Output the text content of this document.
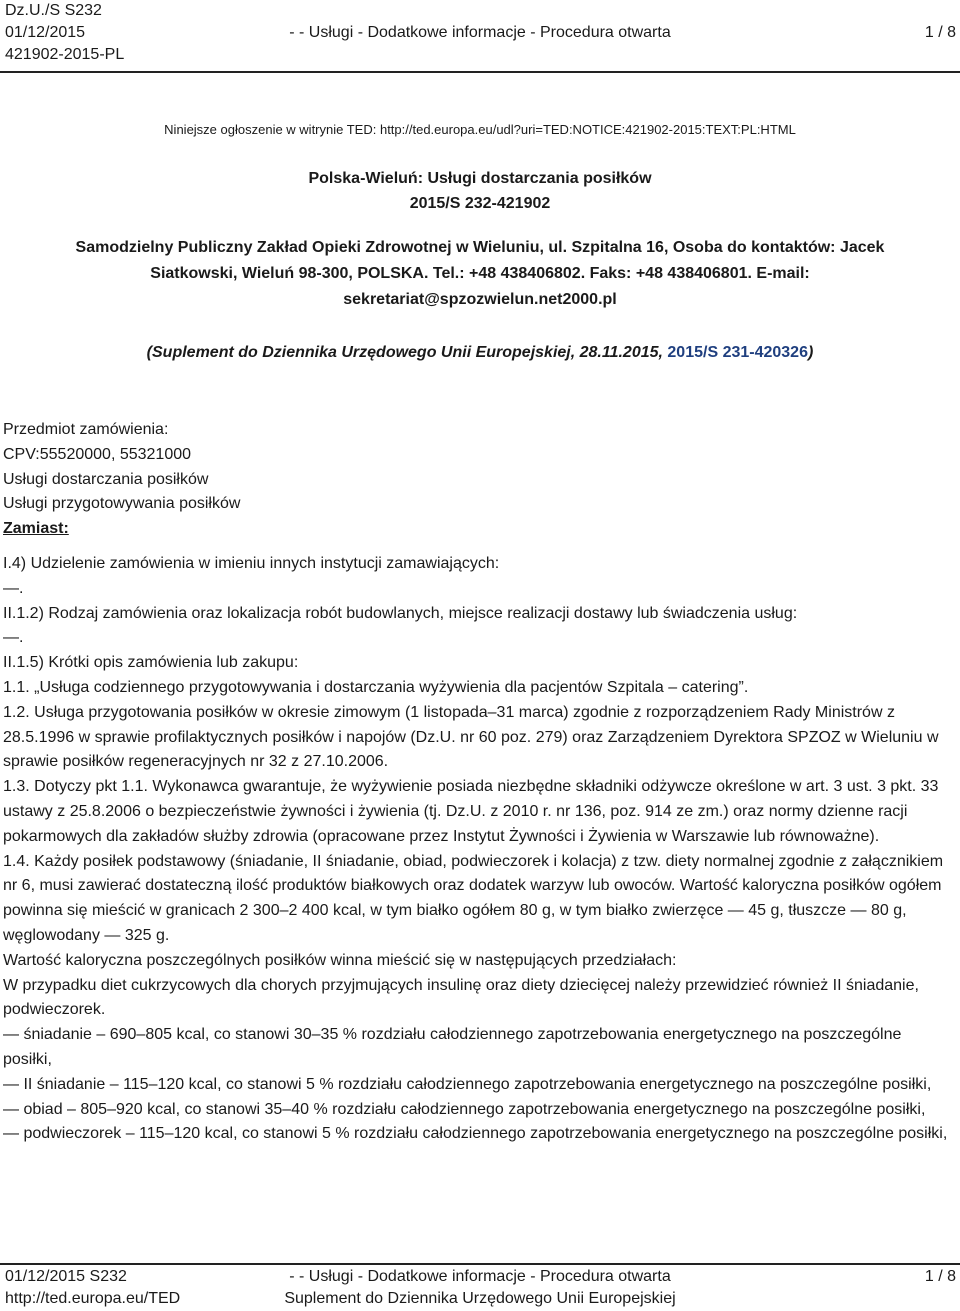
Dz.U./S S232
01/12/2015
421902-2015-PL
- - Usługi - Dodatkowe informacje - Procedura otwarta	1 / 8
Niniejsze ogłoszenie w witrynie TED: http://ted.europa.eu/udl?uri=TED:NOTICE:421902-2015:TEXT:PL:HTML
Polska-Wieluń: Usługi dostarczania posiłków
2015/S 232-421902
Samodzielny Publiczny Zakład Opieki Zdrowotnej w Wieluniu, ul. Szpitalna 16, Osoba do kontaktów: Jacek Siatkowski, Wieluń 98-300, POLSKA. Tel.: +48 438406802. Faks: +48 438406801. E-mail: sekretariat@spzozwielun.net2000.pl
(Suplement do Dziennika Urzędowego Unii Europejskiej, 28.11.2015, 2015/S 231-420326)

Przedmiot zamówienia:

CPV:55520000, 55321000

Usługi dostarczania posiłków

Usługi przygotowywania posiłków

Zamiast:

I.4) Udzielenie zamówienia w imieniu innych instytucji zamawiających:

—.

II.1.2) Rodzaj zamówienia oraz lokalizacja robót budowlanych, miejsce realizacji dostawy lub świadczenia usług:

—.

II.1.5) Krótki opis zamówienia lub zakupu:

1.1. „Usługa codziennego przygotowywania i dostarczania wyżywienia dla pacjentów Szpitala – catering”.

1.2. Usługa przygotowania posiłków w okresie zimowym (1 listopada–31 marca) zgodnie z rozporządzeniem Rady Ministrów z 28.5.1996 w sprawie profilaktycznych posiłków i napojów (Dz.U. nr 60 poz. 279) oraz Zarządzeniem Dyrektora SPZOZ w Wieluniu w sprawie posiłków regeneracyjnych nr 32 z 27.10.2006.

1.3. Dotyczy pkt 1.1. Wykonawca gwarantuje, że wyżywienie posiada niezbędne składniki odżywcze określone w art. 3 ust. 3 pkt. 33 ustawy z 25.8.2006 o bezpieczeństwie żywności i żywienia (tj. Dz.U. z 2010 r. nr 136, poz. 914 ze zm.) oraz normy dzienne racji pokarmowych dla zakładów służby zdrowia (opracowane przez Instytut Żywności i Żywienia w Warszawie lub równoważne).

1.4. Każdy posiłek podstawowy (śniadanie, II śniadanie, obiad, podwieczorek i kolacja) z tzw. diety normalnej zgodnie z załącznikiem nr 6, musi zawierać dostateczną ilość produktów białkowych oraz dodatek warzyw lub owoców. Wartość kaloryczna posiłków ogółem powinna się mieścić w granicach 2 300–2 400 kcal, w tym białko ogółem 80 g, w tym białko zwierzęce — 45 g, tłuszcze — 80 g, węglowodany — 325 g.

Wartość kaloryczna poszczególnych posiłków winna mieścić się w następujących przedziałach:

W przypadku diet cukrzycowych dla chorych przyjmujących insulinę oraz diety dziecięcej należy przewidzieć również II śniadanie, podwieczorek.

— śniadanie – 690–805 kcal, co stanowi 30–35 % rozdziału całodziennego zapotrzebowania energetycznego na poszczególne posiłki,

— II śniadanie – 115–120 kcal, co stanowi 5 % rozdziału całodziennego zapotrzebowania energetycznego na poszczególne posiłki,

— obiad – 805–920 kcal, co stanowi 35–40 % rozdziału całodziennego zapotrzebowania energetycznego na poszczególne posiłki,

— podwieczorek – 115–120 kcal, co stanowi 5 % rozdziału całodziennego zapotrzebowania energetycznego na poszczególne posiłki,

01/12/2015 S232
http://ted.europa.eu/TED
- - Usługi - Dodatkowe informacje - Procedura otwarta
Suplement do Dziennika Urzędowego Unii Europejskiej
1 / 8
